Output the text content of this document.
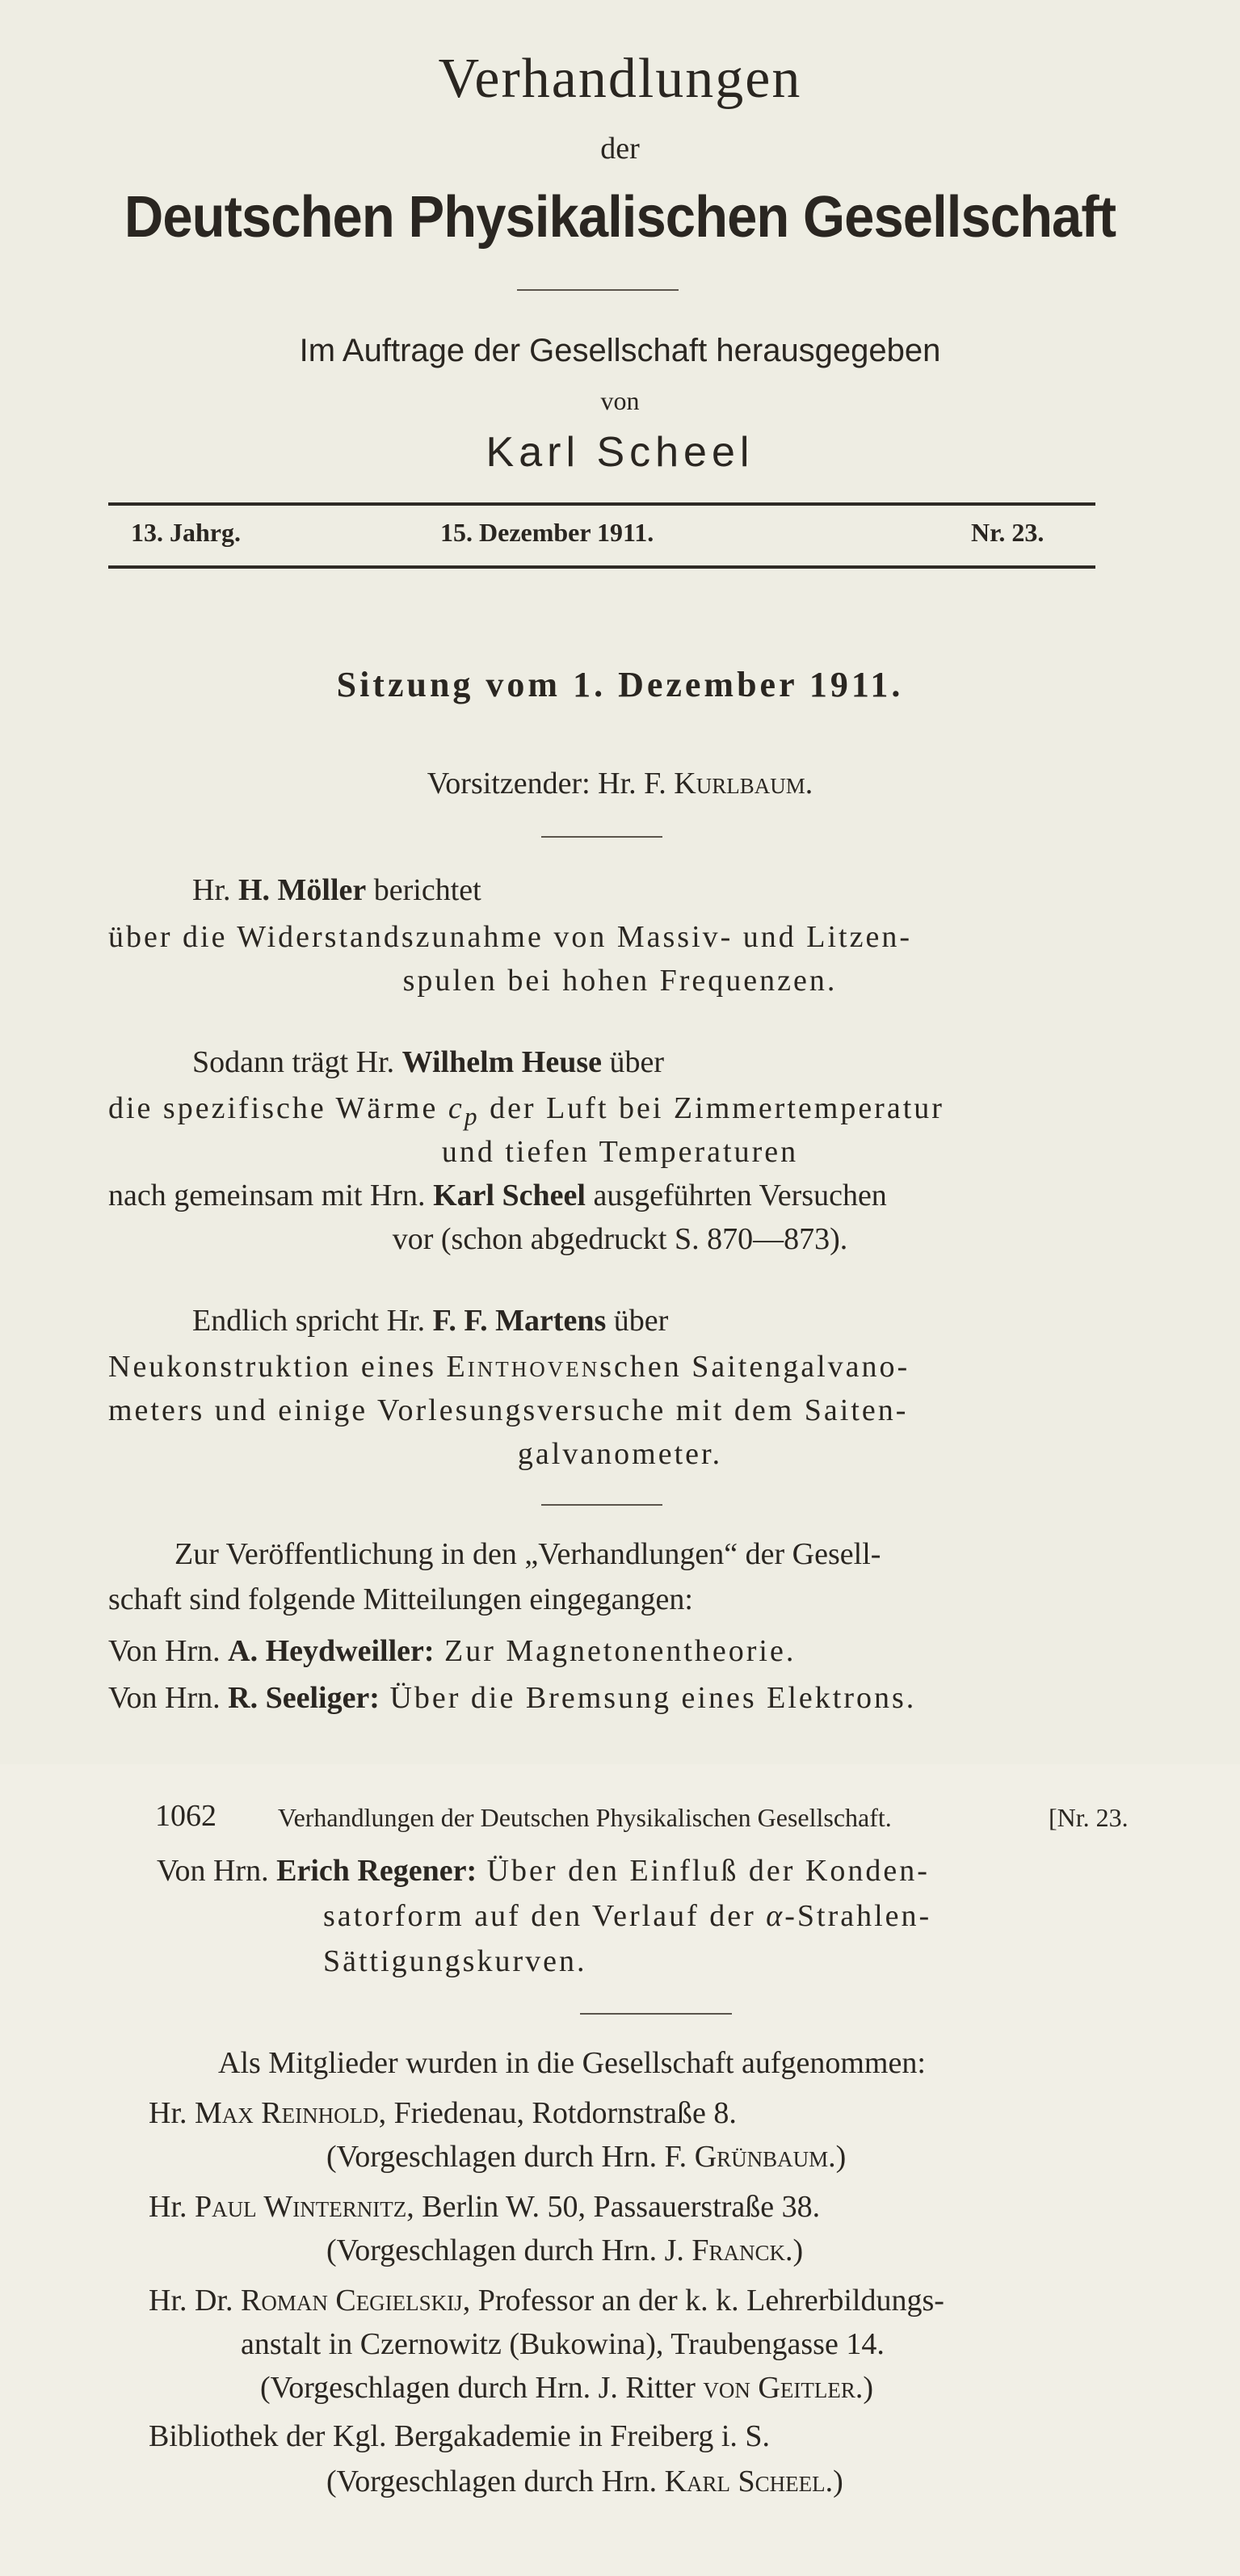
Verhandlungen
der
Deutschen Physikalischen Gesellschaft
Im Auftrage der Gesellschaft herausgegeben
von
Karl Scheel
13. Jahrg.	15. Dezember 1911.	Nr. 23.
Sitzung vom 1. Dezember 1911.
Vorsitzender: Hr. F. Kurlbaum.
Hr. H. Möller berichtet
über die Widerstandszunahme von Massiv- und Litzen-
spulen bei hohen Frequenzen.
Sodann trägt Hr. Wilhelm Heuse über
die spezifische Wärme $c_p$ der Luft bei Zimmertemperatur
und tiefen Temperaturen
nach gemeinsam mit Hrn. Karl Scheel ausgeführten Versuchen
vor (schon abgedruckt S. 870—873).
Endlich spricht Hr. F. F. Martens über
Neukonstruktion eines Einthovenschen Saitengalvano-
meters und einige Vorlesungsversuche mit dem Saiten-
galvanometer.
Zur Veröffentlichung in den „Verhandlungen“ der Gesell-
schaft sind folgende Mitteilungen eingegangen:
Von Hrn. A. Heydweiller: Zur Magnetonentheorie.
Von Hrn. R. Seeliger: Über die Bremsung eines Elektrons.
1062 Verhandlungen der Deutschen Physikalischen Gesellschaft.	[Nr. 23.
Von Hrn. Erich Regener: Über den Einfluß der Konden-
satorform auf den Verlauf der α-Strahlen-
Sättigungskurven.
Als Mitglieder wurden in die Gesellschaft aufgenommen:
Hr. Max Reinhold, Friedenau, Rotdornstraße 8.
(Vorgeschlagen durch Hrn. F. Grünbaum.)
Hr. Paul Winternitz, Berlin W. 50, Passauerstraße 38.
(Vorgeschlagen durch Hrn. J. Franck.)
Hr. Dr. Roman Cegielskij, Professor an der k. k. Lehrerbildungs-
anstalt in Czernowitz (Bukowina), Traubengasse 14.
(Vorgeschlagen durch Hrn. J. Ritter von Geitler.)
Bibliothek der Kgl. Bergakademie in Freiberg i. S.
(Vorgeschlagen durch Hrn. Karl Scheel.)
